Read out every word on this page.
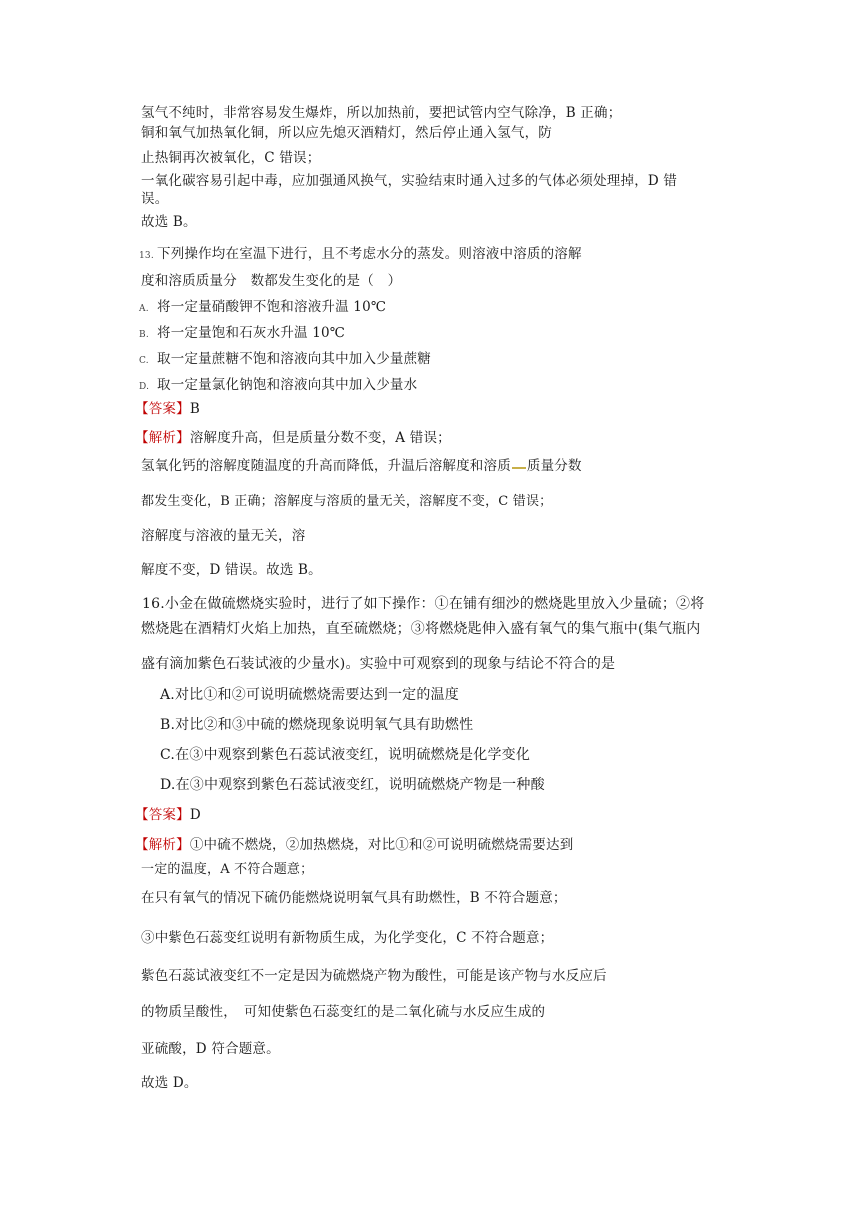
氢气不纯时，非常容易发生爆炸，所以加热前，要把试管内空气除净，B 正确；
铜和氧气加热氧化铜，所以应先熄灭酒精灯，然后停止通入氢气，防
止热铜再次被氧化，C 错误；
一氧化碳容易引起中毒，应加强通风换气，实验结束时通入过多的气体必须处理掉，D 错
误。
故选 B。
13. 下列操作均在室温下进行，且不考虑水分的蒸发。则溶液中溶质的溶解
度和溶质质量分　数都发生变化的是（　）
A. 将一定量硝酸钾不饱和溶液升温 10℃
B. 将一定量饱和石灰水升温 10℃
C. 取一定量蔗糖不饱和溶液向其中加入少量蔗糖
D. 取一定量氯化钠饱和溶液向其中加入少量水
【答案】B
【解析】溶解度升高，但是质量分数不变，A 错误；
氢氧化钙的溶解度随温度的升高而降低，升温后溶解度和溶质 质量分数
都发生变化，B 正确；溶解度与溶质的量无关，溶解度不变，C 错误；
溶解度与溶液的量无关，溶
解度不变，D 错误。故选 B。
16.小金在做硫燃烧实验时，进行了如下操作：①在铺有细沙的燃烧匙里放入少量硫；②将
燃烧匙在酒精灯火焰上加热，直至硫燃烧；③将燃烧匙伸入盛有氧气的集气瓶中(集气瓶内
盛有滴加紫色石装试液的少量水)。实验中可观察到的现象与结论不符合的是
A.对比①和②可说明硫燃烧需要达到一定的温度
B.对比②和③中硫的燃烧现象说明氧气具有助燃性
C.在③中观察到紫色石蕊试液变红，说明硫燃烧是化学变化
D.在③中观察到紫色石蕊试液变红，说明硫燃烧产物是一种酸
【答案】D
【解析】①中硫不燃烧，②加热燃烧，对比①和②可说明硫燃烧需要达到
一定的温度，A 不符合题意；
在只有氧气的情况下硫仍能燃烧说明氧气具有助燃性，B 不符合题意；
③中紫色石蕊变红说明有新物质生成，为化学变化，C 不符合题意；
紫色石蕊试液变红不一定是因为硫燃烧产物为酸性，可能是该产物与水反应后
的物质呈酸性，　可知使紫色石蕊变红的是二氧化硫与水反应生成的
亚硫酸，D 符合题意。
故选 D。
